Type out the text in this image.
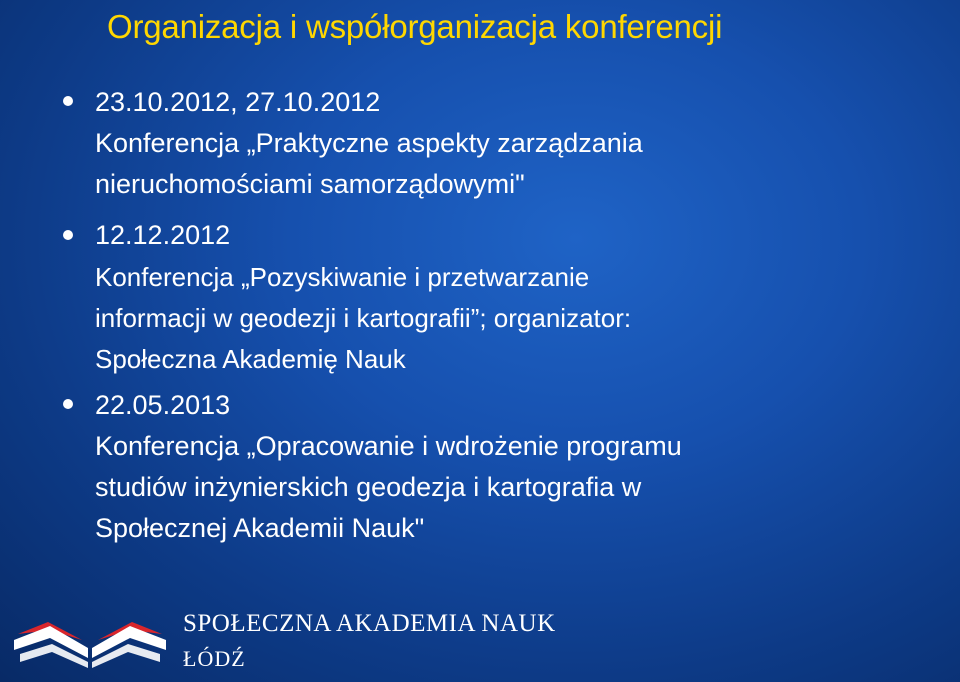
Organizacja i współorganizacja konferencji
23.10.2012, 27.10.2012
Konferencja „Praktyczne aspekty zarządzania
nieruchomościami samorządowymi"
12.12.2012
Konferencja „Pozyskiwanie i przetwarzanie
informacji w geodezji i kartografii”; organizator:
Społeczna Akademię Nauk
22.05.2013
Konferencja „Opracowanie i wdrożenie programu
studiów inżynierskich geodezja i kartografia w
Społecznej Akademii Nauk"
SPOŁECZNA AKADEMIA NAUK
ŁÓDŹ
